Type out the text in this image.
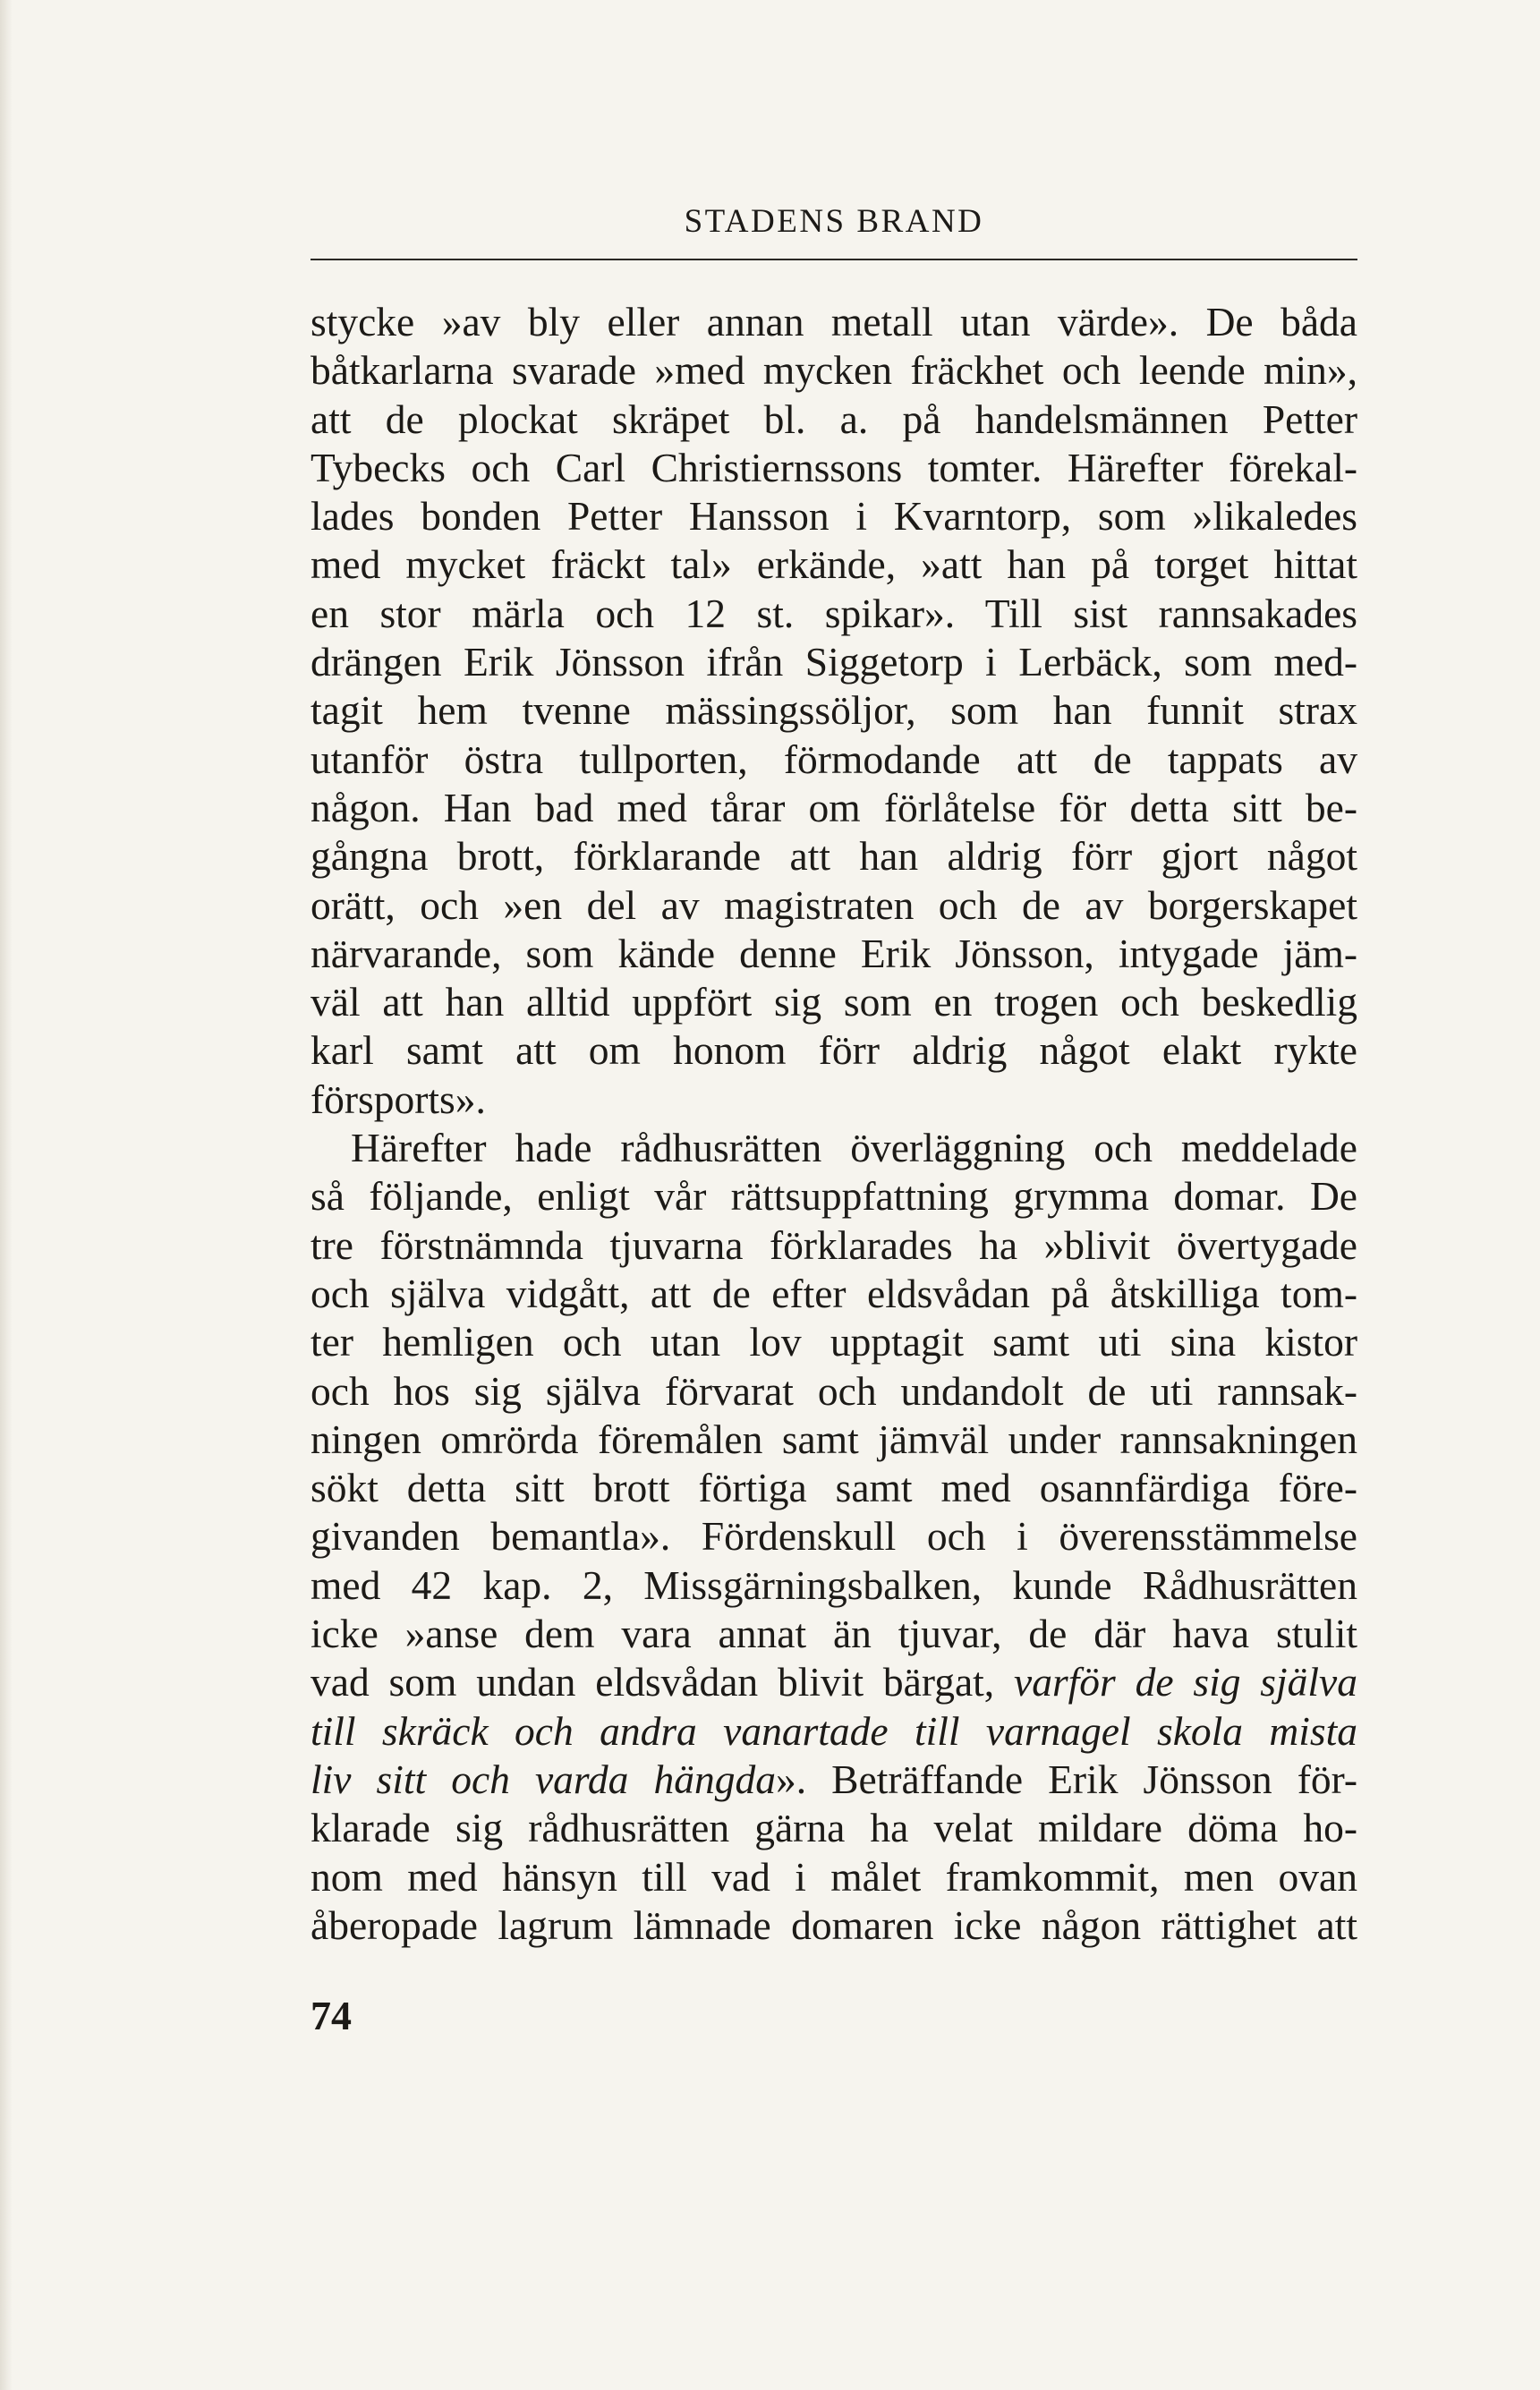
STADENS BRAND
stycke »av bly eller annan metall utan värde». De båda
båtkarlarna svarade »med mycken fräckhet och leende min»,
att de plockat skräpet bl. a. på handelsmännen Petter
Tybecks och Carl Christiernssons tomter. Härefter förekal-
lades bonden Petter Hansson i Kvarntorp, som »likaledes
med mycket fräckt tal» erkände, »att han på torget hittat
en stor märla och 12 st. spikar». Till sist rannsakades
drängen Erik Jönsson ifrån Siggetorp i Lerbäck, som med-
tagit hem tvenne mässingssöljor, som han funnit strax
utanför östra tullporten, förmodande att de tappats av
någon. Han bad med tårar om förlåtelse för detta sitt be-
gångna brott, förklarande att han aldrig förr gjort något
orätt, och »en del av magistraten och de av borgerskapet
närvarande, som kände denne Erik Jönsson, intygade jäm-
väl att han alltid uppfört sig som en trogen och beskedlig
karl samt att om honom förr aldrig något elakt rykte
försports».
Härefter hade rådhusrätten överläggning och meddelade
så följande, enligt vår rättsuppfattning grymma domar. De
tre förstnämnda tjuvarna förklarades ha »blivit övertygade
och själva vidgått, att de efter eldsvådan på åtskilliga tom-
ter hemligen och utan lov upptagit samt uti sina kistor
och hos sig själva förvarat och undandolt de uti rannsak-
ningen omrörda föremålen samt jämväl under rannsakningen
sökt detta sitt brott förtiga samt med osannfärdiga före-
givanden bemantla». Fördenskull och i överensstämmelse
med 42 kap. 2, Missgärningsbalken, kunde Rådhusrätten
icke »anse dem vara annat än tjuvar, de där hava stulit
vad som undan eldsvådan blivit bärgat, varför de sig själva
till skräck och andra vanartade till varnagel skola mista
liv sitt och varda hängda». Beträffande Erik Jönsson för-
klarade sig rådhusrätten gärna ha velat mildare döma ho-
nom med hänsyn till vad i målet framkommit, men ovan
åberopade lagrum lämnade domaren icke någon rättighet att
74
